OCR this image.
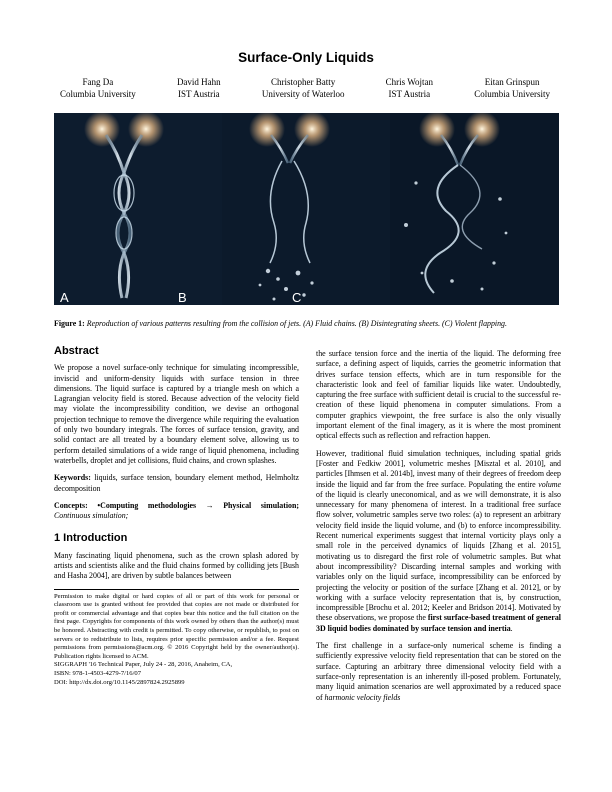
Surface-Only Liquids
Fang Da
Columbia University
David Hahn
IST Austria
Christopher Batty
University of Waterloo
Chris Wojtan
IST Austria
Eitan Grinspun
Columbia University
A	B	C
Figure 1: Reproduction of various patterns resulting from the collision of jets. (A) Fluid chains. (B) Disintegrating sheets. (C) Violent flapping.
Abstract

We propose a novel surface-only technique for simulating incompressible, inviscid and uniform-density liquids with surface tension in three dimensions. The liquid surface is captured by a triangle mesh on which a Lagrangian velocity field is stored. Because advection of the velocity field may violate the incompressibility condition, we devise an orthogonal projection technique to remove the divergence while requiring the evaluation of only two boundary integrals. The forces of surface tension, gravity, and solid contact are all treated by a boundary element solve, allowing us to perform detailed simulations of a wide range of liquid phenomena, including waterbells, droplet and jet collisions, fluid chains, and crown splashes.

Keywords: liquids, surface tension, boundary element method, Helmholtz decomposition

Concepts: •Computing methodologies → Physical simulation; Continuous simulation;

1 Introduction

Many fascinating liquid phenomena, such as the crown splash adored by artists and scientists alike and the fluid chains formed by colliding jets [Bush and Hasha 2004], are driven by subtle balances between

Permission to make digital or hard copies of all or part of this work for personal or classroom use is granted without fee provided that copies are not made or distributed for profit or commercial advantage and that copies bear this notice and the full citation on the first page. Copyrights for components of this work owned by others than the author(s) must be honored. Abstracting with credit is permitted. To copy otherwise, or republish, to post on servers or to redistribute to lists, requires prior specific permission and/or a fee. Request permissions from permissions@acm.org. © 2016 Copyright held by the owner/author(s). Publication rights licensed to ACM.
SIGGRAPH '16 Technical Paper, July 24 - 28, 2016, Anaheim, CA,
ISBN: 978-1-4503-4279-7/16/07
DOI: http://dx.doi.org/10.1145/2897824.2925899

the surface tension force and the inertia of the liquid. The deforming free surface, a defining aspect of liquids, carries the geometric information that drives surface tension effects, which are in turn responsible for the characteristic look and feel of familiar liquids like water. Undoubtedly, capturing the free surface with sufficient detail is crucial to the successful re-creation of these liquid phenomena in computer simulations. From a computer graphics viewpoint, the free surface is also the only visually important element of the final imagery, as it is where the most prominent optical effects such as reflection and refraction happen.

However, traditional fluid simulation techniques, including spatial grids [Foster and Fedkiw 2001], volumetric meshes [Misztal et al. 2010], and particles [Ihmsen et al. 2014b], invest many of their degrees of freedom deep inside the liquid and far from the free surface. Populating the entire volume of the liquid is clearly uneconomical, and as we will demonstrate, it is also unnecessary for many phenomena of interest. In a traditional free surface flow solver, volumetric samples serve two roles: (a) to represent an arbitrary velocity field inside the liquid volume, and (b) to enforce incompressibility. Recent numerical experiments suggest that internal vorticity plays only a small role in the perceived dynamics of liquids [Zhang et al. 2015], motivating us to disregard the first role of volumetric samples. But what about incompressibility? Discarding internal samples and working with variables only on the liquid surface, incompressibility can be enforced by projecting the velocity or position of the surface [Zhang et al. 2012], or by working with a surface velocity representation that is, by construction, incompressible [Brochu et al. 2012; Keeler and Bridson 2014]. Motivated by these observations, we propose the first surface-based treatment of general 3D liquid bodies dominated by surface tension and inertia.

The first challenge in a surface-only numerical scheme is finding a sufficiently expressive velocity field representation that can be stored on the surface. Capturing an arbitrary three dimensional velocity field with a surface-only representation is an inherently ill-posed problem. Fortunately, many liquid animation scenarios are well approximated by a reduced space of harmonic velocity fields
